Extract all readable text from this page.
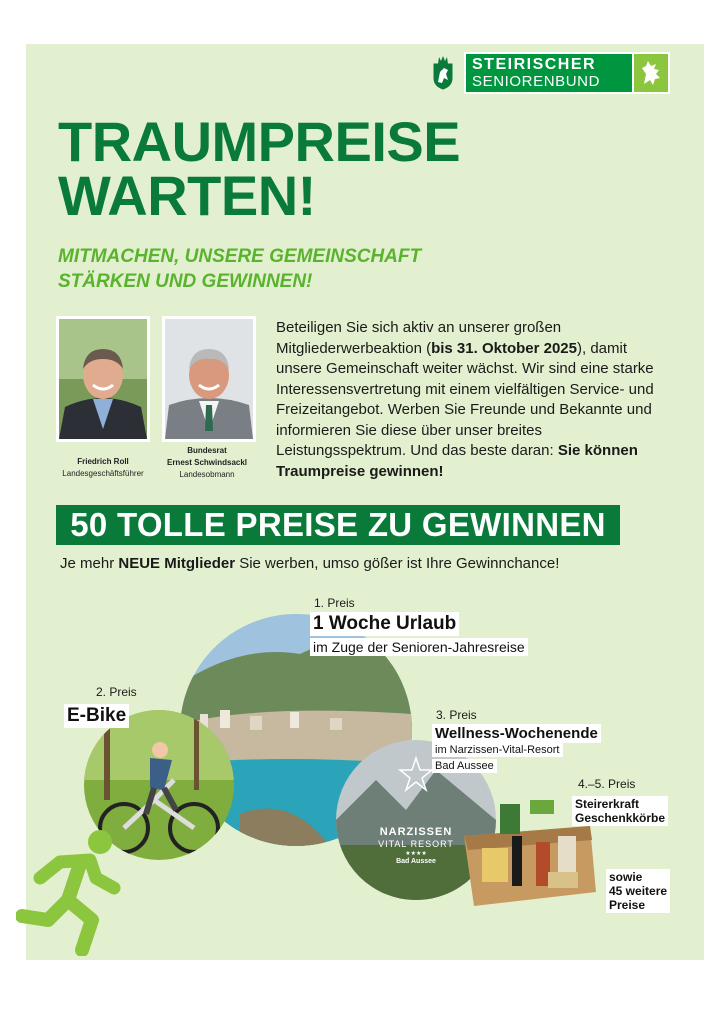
STEIRISCHER
SENIORENBUND
TRAUMPREISE
WARTEN!
MITMACHEN, UNSERE GEMEINSCHAFT
STÄRKEN UND GEWINNEN!
Friedrich Roll
Landesgeschäftsführer
Bundesrat
Ernest Schwindsackl
Landesobmann
Beteiligen Sie sich aktiv an unserer großen Mitgliederwerbeaktion (bis 31. Oktober 2025), damit unsere Gemeinschaft weiter wächst. Wir sind eine starke Interessensvertretung mit einem vielfältigen Service- und Freizeitangebot. Werben Sie Freunde und Bekannte und informieren Sie diese über unser breites Leistungsspektrum. Und das beste daran: Sie können Traumpreise gewinnen!
50 TOLLE PREISE ZU GEWINNEN
Je mehr NEUE Mitglieder Sie werben, umso gößer ist Ihre Gewinnchance!
NARZISSEN
VITAL RESORT
★★★★
Bad Aussee
1. Preis
1 Woche Urlaub
im Zuge der Senioren-Jahresreise
2. Preis
E-Bike	3. Preis
Wellness-Wochenende
im Narzissen-Vital-Resort
Bad Aussee
4.–5. Preis
Steirerkraft
Geschenkkörbe
sowie
45 weitere
Preise
